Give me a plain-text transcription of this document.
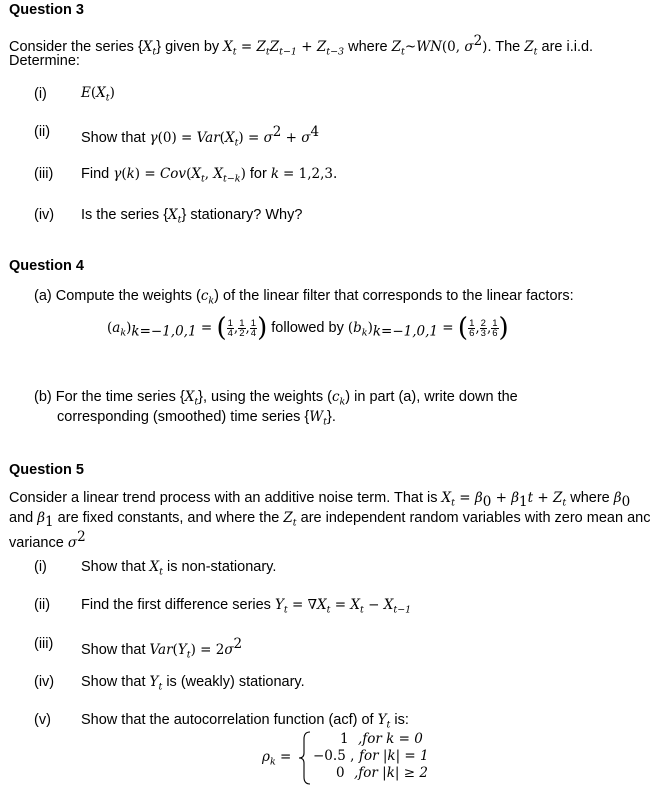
Question 3
Consider the series $\{X_t\}$ given by $X_t = Z_tZ_{t-1} + Z_{t-3}$ where $Z_t\sim WN(0$, $\sigma^2$). The $Z_t$ are i.i.d.
Determine:
(i)	$E(X_t)$
(ii) Show that $\gamma(0) = Var(X_t) = \sigma^2 + \sigma^4$
(iii) Find $\gamma(k) = Cov(X_t$, $X_{t-k}$) for k = 1,2,3.
(iv) Is the series $\{X_t\}$ stationary? Why?
Question 4
(a) Compute the weights $(c_k)$ of the linear filter that corresponds to the linear factors:
$(a_k)_{k=-1,0,1}$ = ( $\frac{1}{4}$ , $\frac{1}{2}$ , $\frac{1}{4}$ ) followed by $(b_k)_{k=-1,0,1}$ = ( $\frac{1}{6}$ , $\frac{2}{3}$ , $\frac{1}{6}$ )
(b) For the time series $\{X_t\}$, using the weights $(c_k)$ in part (a), write down the
corresponding (smoothed) time series $\{W_t\}$.
Question 5
Consider a linear trend process with an additive noise term. That is $X_t = \beta_0 + \beta_1t + Z_t$ where $\beta_0$
and $\beta_1$ are fixed constants, and where the $Z_t$ are independent random variables with zero mean anc
variance $\sigma^2$
(i) Show that $X_t$ is non-stationary.
(ii) Find the first difference series $Y_t = \nabla X_t = X_t - X_{t-1}$
(iii) Show that $Var(Y_t) = 2\sigma^2$
(iv) Show that $Y_t$ is (weakly) stationary.
(v) Show that the autocorrelation function (acf) of $Y_t$ is:
$\rho_k$ =
1
−0.5 ,
0
,for k = 0
for |k| = 1
,for |k| ≥ 2
